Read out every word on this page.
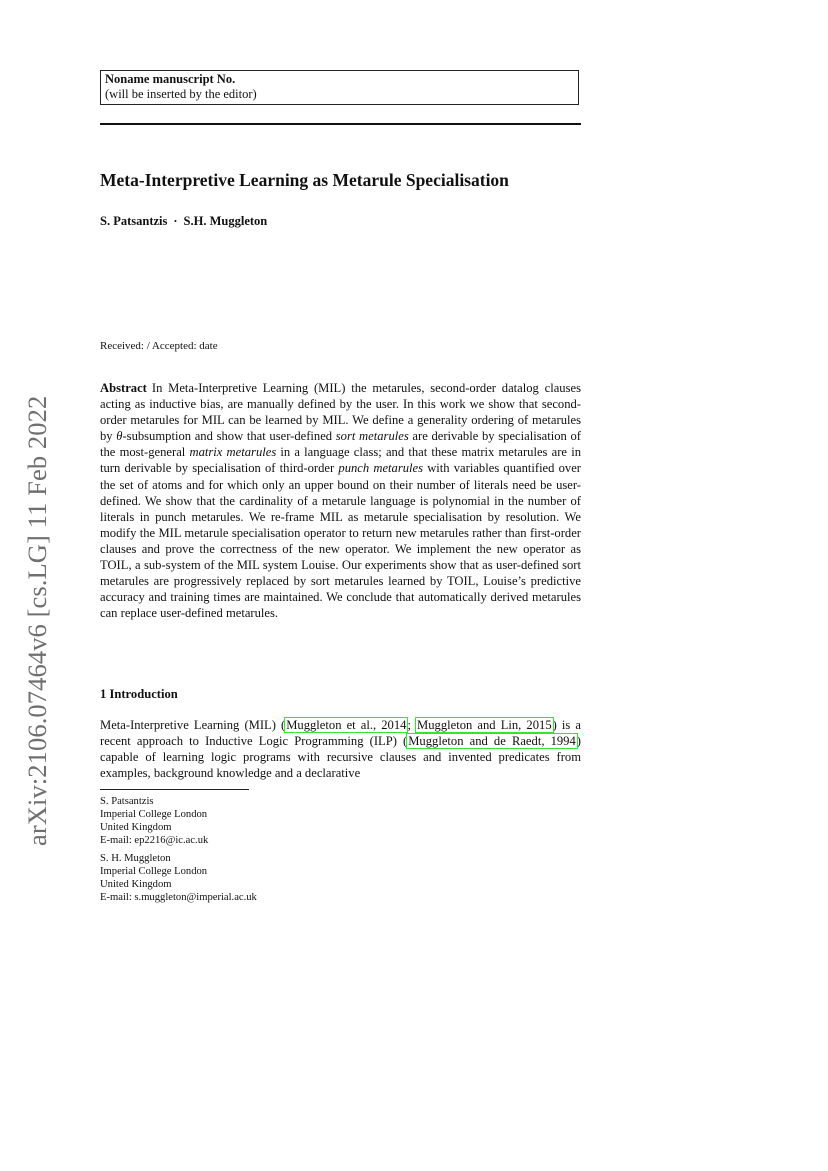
arXiv:2106.07464v6 [cs.LG] 11 Feb 2022
Noname manuscript No.
(will be inserted by the editor)
Meta-Interpretive Learning as Metarule Specialisation
S. Patsantzis · S.H. Muggleton
Received: / Accepted: date
Abstract In Meta-Interpretive Learning (MIL) the metarules, second-order datalog clauses acting as inductive bias, are manually defined by the user. In this work we show that second-order metarules for MIL can be learned by MIL. We define a generality ordering of metarules by θ-subsumption and show that user-defined sort metarules are derivable by specialisation of the most-general matrix metarules in a language class; and that these matrix metarules are in turn derivable by specialisation of third-order punch metarules with variables quantified over the set of atoms and for which only an upper bound on their number of literals need be user-defined. We show that the cardinality of a metarule language is polynomial in the number of literals in punch metarules. We re-frame MIL as metarule specialisation by resolution. We modify the MIL metarule specialisation operator to return new metarules rather than first-order clauses and prove the correctness of the new operator. We implement the new operator as TOIL, a sub-system of the MIL system Louise. Our experiments show that as user-defined sort metarules are progressively replaced by sort metarules learned by TOIL, Louise’s predictive accuracy and training times are maintained. We conclude that automatically derived metarules can replace user-defined metarules.
1 Introduction
Meta-Interpretive Learning (MIL) (Muggleton et al., 2014; Muggleton and Lin, 2015) is a recent approach to Inductive Logic Programming (ILP) (Muggleton and de Raedt, 1994) capable of learning logic programs with recursive clauses and invented predicates from examples, background knowledge and a declarative
S. Patsantzis
Imperial College London
United Kingdom
E-mail: ep2216@ic.ac.uk
S. H. Muggleton
Imperial College London
United Kingdom
E-mail: s.muggleton@imperial.ac.uk
